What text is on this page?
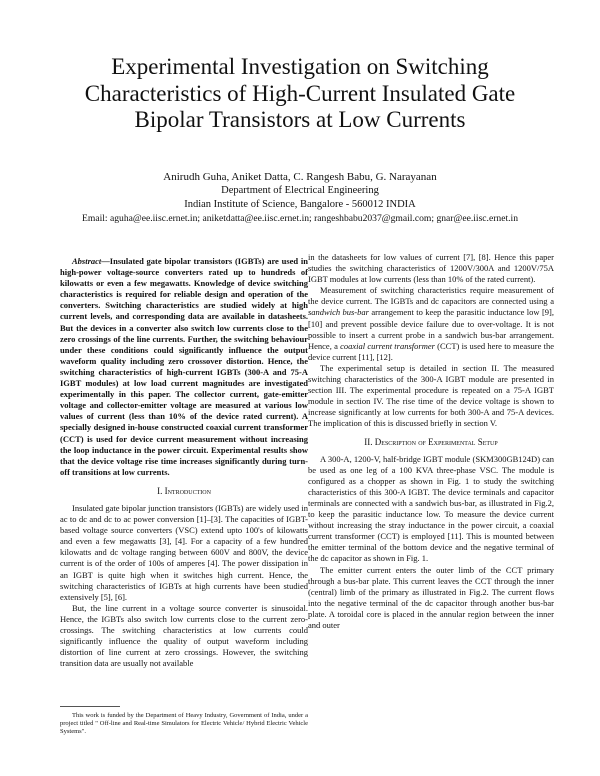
Experimental Investigation on Switching Characteristics of High-Current Insulated Gate Bipolar Transistors at Low Currents
Anirudh Guha, Aniket Datta, C. Rangesh Babu, G. Narayanan
Department of Electrical Engineering
Indian Institute of Science, Bangalore - 560012 INDIA
Email: aguha@ee.iisc.ernet.in; aniketdatta@ee.iisc.ernet.in; rangeshbabu2037@gmail.com; gnar@ee.iisc.ernet.in

Abstract—Insulated gate bipolar transistors (IGBTs) are used in high-power voltage-source converters rated up to hundreds of kilowatts or even a few megawatts. Knowledge of device switching characteristics is required for reliable design and operation of the converters. Switching characteristics are studied widely at high current levels, and corresponding data are available in datasheets. But the devices in a converter also switch low currents close to the zero crossings of the line currents. Further, the switching behaviour under these conditions could significantly influence the output waveform quality including zero crossover distortion. Hence, the switching characteristics of high-current IGBTs (300-A and 75-A IGBT modules) at low load current magnitudes are investigated experimentally in this paper. The collector current, gate-emitter voltage and collector-emitter voltage are measured at various low values of current (less than 10% of the device rated current). A specially designed in-house constructed coaxial current transformer (CCT) is used for device current measurement without increasing the loop inductance in the power circuit. Experimental results show that the device voltage rise time increases significantly during turn-off transitions at low currents.

I. Introduction

Insulated gate bipolar junction transistors (IGBTs) are widely used in ac to dc and dc to ac power conversion [1]–[3]. The capacities of IGBT-based voltage source converters (VSC) extend upto 100's of kilowatts and even a few megawatts [3], [4]. For a capacity of a few hundred kilowatts and dc voltage ranging between 600V and 800V, the device current is of the order of 100s of amperes [4]. The power dissipation in an IGBT is quite high when it switches high current. Hence, the switching characteristics of IGBTs at high currents have been studied extensively [5], [6].

But, the line current in a voltage source converter is sinusoidal. Hence, the IGBTs also switch low currents close to the current zero-crossings. The switching characteristics at low currents could significantly influence the quality of output waveform including distortion of line current at zero crossings. However, the switching transition data are usually not available

This work is funded by the Department of Heavy Industry, Government of India, under a project titled " Off-line and Real-time Simulators for Electric Vehicle/ Hybrid Electric Vehicle Systems".

in the datasheets for low values of current [7], [8]. Hence this paper studies the switching characteristics of 1200V/300A and 1200V/75A IGBT modules at low currents (less than 10% of the rated current).

Measurement of switching characteristics require measurement of the device current. The IGBTs and dc capacitors are connected using a sandwich bus-bar arrangement to keep the parasitic inductance low [9], [10] and prevent possible device failure due to over-voltage. It is not possible to insert a current probe in a sandwich bus-bar arrangement. Hence, a coaxial current transformer (CCT) is used here to measure the device current [11], [12].

The experimental setup is detailed in section II. The measured switching characteristics of the 300-A IGBT module are presented in section III. The experimental procedure is repeated on a 75-A IGBT module in section IV. The rise time of the device voltage is shown to increase significantly at low currents for both 300-A and 75-A devices. The implication of this is discussed briefly in section V.

II. Description of Experimental Setup

A 300-A, 1200-V, half-bridge IGBT module (SKM300GB124D) can be used as one leg of a 100 KVA three-phase VSC. The module is configured as a chopper as shown in Fig. 1 to study the switching characteristics of this 300-A IGBT. The device terminals and capacitor terminals are connected with a sandwich bus-bar, as illustrated in Fig.2, to keep the parasitic inductance low. To measure the device current without increasing the stray inductance in the power circuit, a coaxial current transformer (CCT) is employed [11]. This is mounted between the emitter terminal of the bottom device and the negative terminal of the dc capacitor as shown in Fig. 1.

The emitter current enters the outer limb of the CCT primary through a bus-bar plate. This current leaves the CCT through the inner (central) limb of the primary as illustrated in Fig.2. The current flows into the negative terminal of the dc capacitor through another bus-bar plate. A toroidal core is placed in the annular region between the inner and outer
